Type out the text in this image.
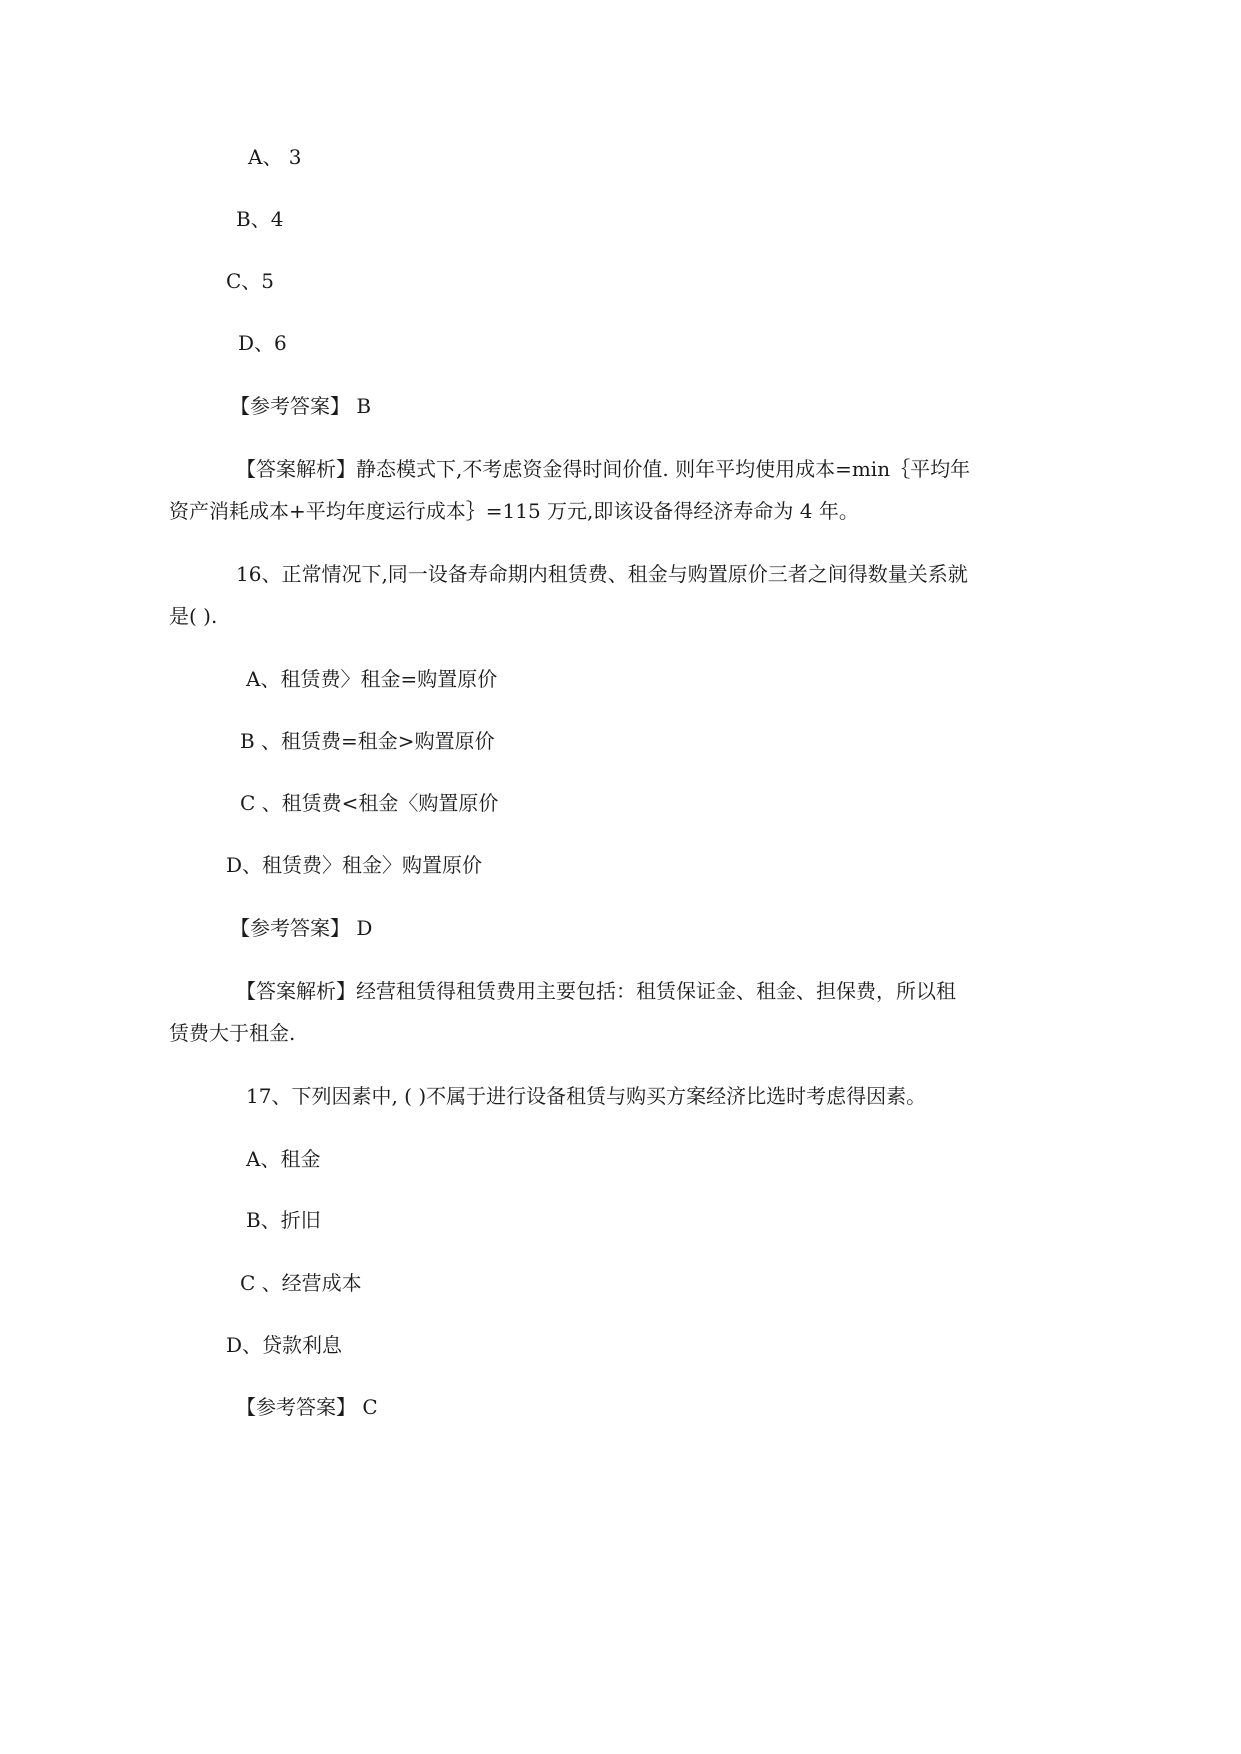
A、 3

B、4

C、5

D、6

【参考答案】 B

【答案解析】静态模式下,不考虑资金得时间价值. 则年平均使用成本=min｛平均年

资产消耗成本+平均年度运行成本｝=115 万元,即该设备得经济寿命为 4 年。

16、正常情况下,同一设备寿命期内租赁费、租金与购置原价三者之间得数量关系就

是( ).

A、租赁费〉租金=购置原价

B 、租赁费=租金>购置原价

C 、租赁费<租金〈购置原价

D、租赁费〉租金〉购置原价

【参考答案】 D

【答案解析】经营租赁得租赁费用主要包括：租赁保证金、租金、担保费，所以租

赁费大于租金.

17、下列因素中, ( )不属于进行设备租赁与购买方案经济比选时考虑得因素。

A、租金

B、折旧

C 、经营成本

D、贷款利息

【参考答案】 C
